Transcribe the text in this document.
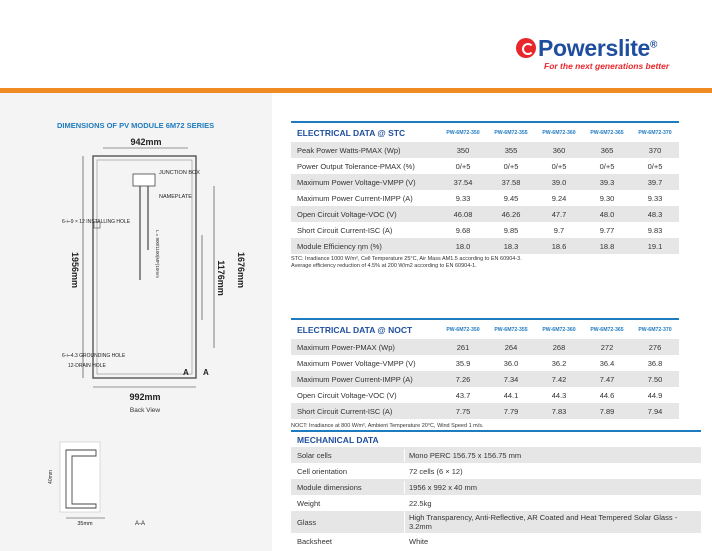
Powerslite®
For the next generations better
DIMENSIONS OF PV MODULE 6M72 SERIES
942mm
1956mm	1676mm
1176mm
JUNCTION BOX
NAMEPLATE
L = 900/1100(MF)10mm
6-⊢9 × 12 INSTALLING HOLE
6-⊢4.3 GROUNDING HOLE
12-DRAIN HOLE
A A
992mm
Back View
40mm
35mm	A-A
ELECTRICAL DATA @ STC	PW-6M72-350	PW-6M72-355	PW-6M72-360	PW-6M72-365	PW-6M72-370
Peak Power Watts-PMAX (Wp)	350	355	360	365	370
Power Output Tolerance-PMAX (%)	0/+5	0/+5	0/+5	0/+5	0/+5
Maximum Power Voltage-VMPP (V)	37.54	37.58	39.0	39.3	39.7
Maximum Power Current-IMPP (A)	9.33	9.45	9.24	9.30	9.33
Open Circuit Voltage-VOC (V)	46.08	46.26	47.7	48.0	48.3
Short Circuit Current-ISC (A)	9.68	9.85	9.7	9.77	9.83
Module Efficiency ηm (%)	18.0	18.3	18.6	18.8	19.1
STC: Irradiance 1000 W/m², Cell Temperature 25°C, Air Mass AM1.5 according to EN 60904-3.
Average efficiency reduction of 4.5% at 200 W/m2 according to EN 60904-1.
ELECTRICAL DATA @ NOCT	PW-6M72-350	PW-6M72-355	PW-6M72-360	PW-6M72-365	PW-6M72-370
Maximum Power-PMAX (Wp)	261	264	268	272	276
Maximum Power Voltage-VMPP (V)	35.9	36.0	36.2	36.4	36.8
Maximum Power Current-IMPP (A)	7.26	7.34	7.42	7.47	7.50
Open Circuit Voltage-VOC (V)	43.7	44.1	44.3	44.6	44.9
Short Circuit Current-ISC (A)	7.75	7.79	7.83	7.89	7.94
NOCT: Irradiance at 800 W/m², Ambient Temperature 20°C, Wind Speed 1 m/s.
MECHANICAL DATA
Solar cells	Mono PERC 156.75 x 156.75 mm
Cell orientation	72 cells (6 × 12)
Module dimensions	1956 x 992 x 40 mm
Weight	22.5kg
Glass	High Transparency, Anti-Reflective, AR Coated and Heat Tempered Solar Glass - 3.2mm
Backsheet	White
